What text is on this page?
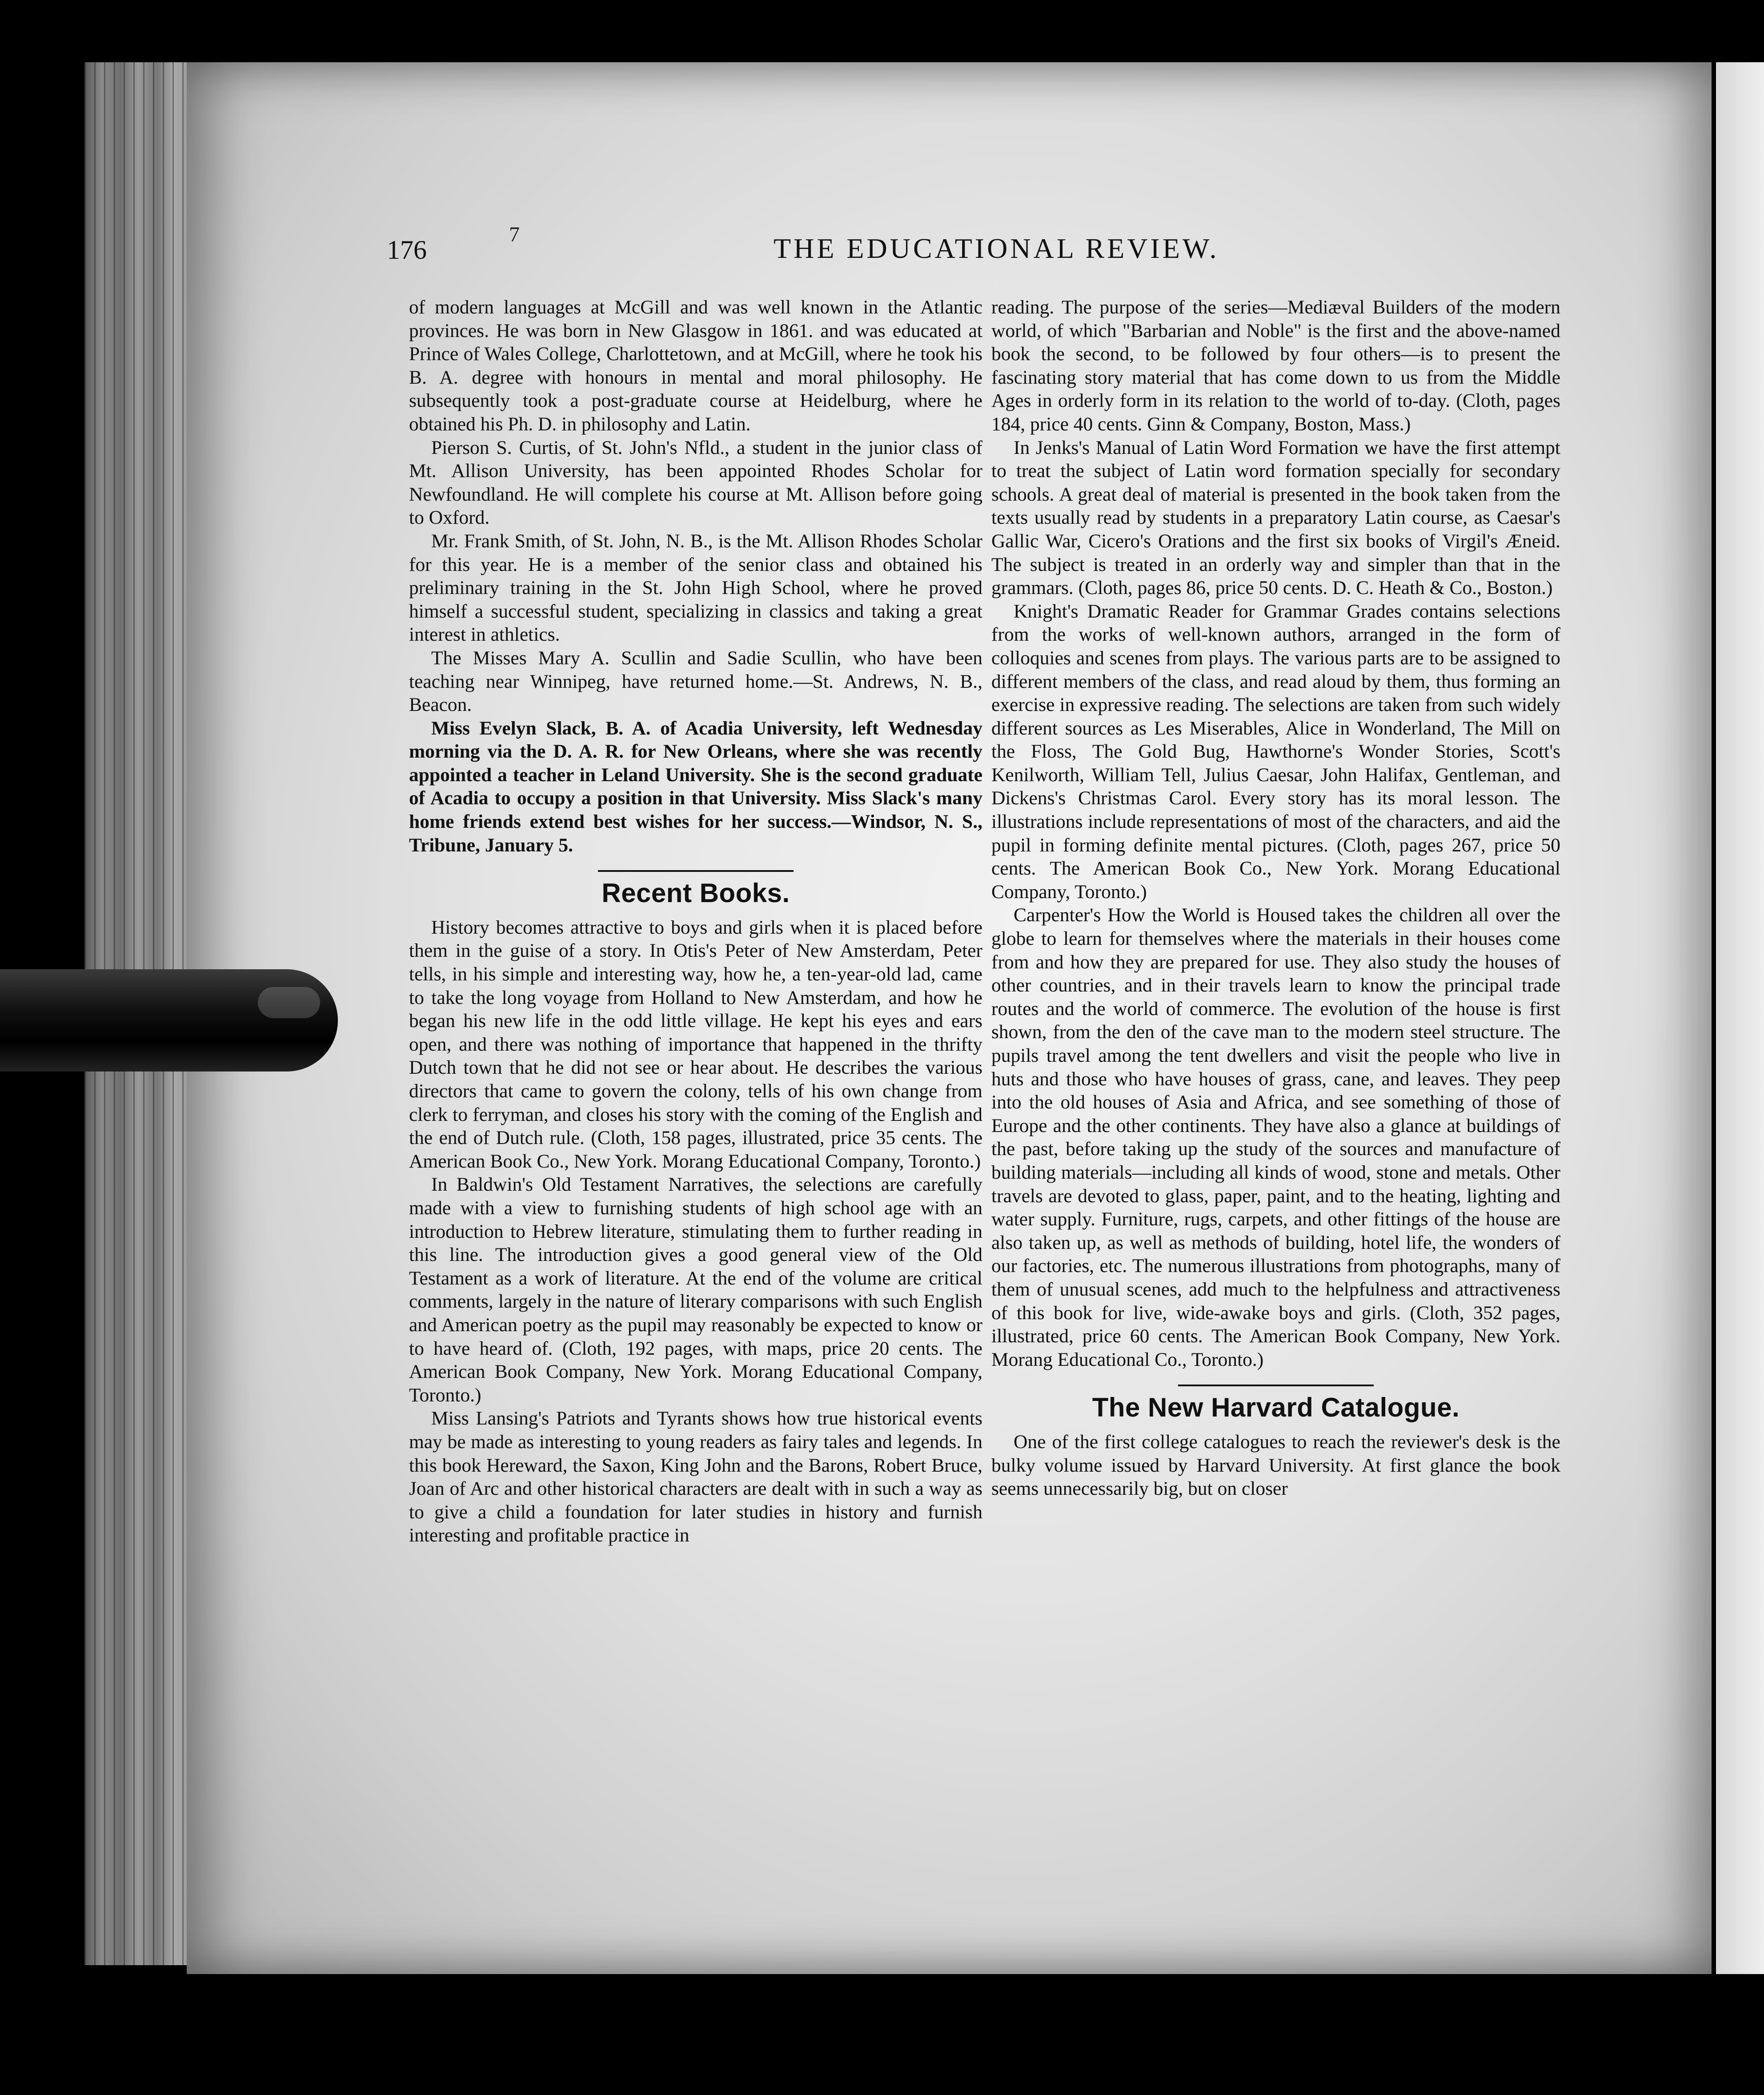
176
7	THE EDUCATIONAL REVIEW.

of modern languages at McGill and was well known in the Atlantic provinces. He was born in New Glasgow in 1861. and was educated at Prince of Wales College, Charlottetown, and at McGill, where he took his B. A. degree with honours in mental and moral philosophy. He subsequently took a post-graduate course at Heidelburg, where he obtained his Ph. D. in philosophy and Latin.

Pierson S. Curtis, of St. John's Nfld., a student in the junior class of Mt. Allison University, has been appointed Rhodes Scholar for Newfoundland. He will complete his course at Mt. Allison before going to Oxford.

Mr. Frank Smith, of St. John, N. B., is the Mt. Allison Rhodes Scholar for this year. He is a member of the senior class and obtained his preliminary training in the St. John High School, where he proved himself a successful student, specializing in classics and taking a great interest in athletics.

The Misses Mary A. Scullin and Sadie Scullin, who have been teaching near Winnipeg, have returned home.—St. Andrews, N. B., Beacon.

Miss Evelyn Slack, B. A. of Acadia University, left Wednesday morning via the D. A. R. for New Orleans, where she was recently appointed a teacher in Leland University. She is the second graduate of Acadia to occupy a position in that University. Miss Slack's many home friends extend best wishes for her success.—Windsor, N. S., Tribune, January 5.

Recent Books.

History becomes attractive to boys and girls when it is placed before them in the guise of a story. In Otis's Peter of New Amsterdam, Peter tells, in his simple and interesting way, how he, a ten-year-old lad, came to take the long voyage from Holland to New Amsterdam, and how he began his new life in the odd little village. He kept his eyes and ears open, and there was nothing of importance that happened in the thrifty Dutch town that he did not see or hear about. He describes the various directors that came to govern the colony, tells of his own change from clerk to ferryman, and closes his story with the coming of the English and the end of Dutch rule. (Cloth, 158 pages, illustrated, price 35 cents. The American Book Co., New York. Morang Educational Company, Toronto.)

In Baldwin's Old Testament Narratives, the selections are carefully made with a view to furnishing students of high school age with an introduction to Hebrew literature, stimulating them to further reading in this line. The introduction gives a good general view of the Old Testament as a work of literature. At the end of the volume are critical comments, largely in the nature of literary comparisons with such English and American poetry as the pupil may reasonably be expected to know or to have heard of. (Cloth, 192 pages, with maps, price 20 cents. The American Book Company, New York. Morang Educational Company, Toronto.)

Miss Lansing's Patriots and Tyrants shows how true historical events may be made as interesting to young readers as fairy tales and legends. In this book Hereward, the Saxon, King John and the Barons, Robert Bruce, Joan of Arc and other historical characters are dealt with in such a way as to give a child a foundation for later studies in history and furnish interesting and profitable practice in

reading. The purpose of the series—Mediæval Builders of the modern world, of which "Barbarian and Noble" is the first and the above-named book the second, to be followed by four others—is to present the fascinating story material that has come down to us from the Middle Ages in orderly form in its relation to the world of to-day. (Cloth, pages 184, price 40 cents. Ginn & Company, Boston, Mass.)

In Jenks's Manual of Latin Word Formation we have the first attempt to treat the subject of Latin word formation specially for secondary schools. A great deal of material is presented in the book taken from the texts usually read by students in a preparatory Latin course, as Caesar's Gallic War, Cicero's Orations and the first six books of Virgil's Æneid. The subject is treated in an orderly way and simpler than that in the grammars. (Cloth, pages 86, price 50 cents. D. C. Heath & Co., Boston.)

Knight's Dramatic Reader for Grammar Grades contains selections from the works of well-known authors, arranged in the form of colloquies and scenes from plays. The various parts are to be assigned to different members of the class, and read aloud by them, thus forming an exercise in expressive reading. The selections are taken from such widely different sources as Les Miserables, Alice in Wonderland, The Mill on the Floss, The Gold Bug, Hawthorne's Wonder Stories, Scott's Kenilworth, William Tell, Julius Caesar, John Halifax, Gentleman, and Dickens's Christmas Carol. Every story has its moral lesson. The illustrations include representations of most of the characters, and aid the pupil in forming definite mental pictures. (Cloth, pages 267, price 50 cents. The American Book Co., New York. Morang Educational Company, Toronto.)

Carpenter's How the World is Housed takes the children all over the globe to learn for themselves where the materials in their houses come from and how they are prepared for use. They also study the houses of other countries, and in their travels learn to know the principal trade routes and the world of commerce. The evolution of the house is first shown, from the den of the cave man to the modern steel structure. The pupils travel among the tent dwellers and visit the people who live in huts and those who have houses of grass, cane, and leaves. They peep into the old houses of Asia and Africa, and see something of those of Europe and the other continents. They have also a glance at buildings of the past, before taking up the study of the sources and manufacture of building materials—including all kinds of wood, stone and metals. Other travels are devoted to glass, paper, paint, and to the heating, lighting and water supply. Furniture, rugs, carpets, and other fittings of the house are also taken up, as well as methods of building, hotel life, the wonders of our factories, etc. The numerous illustrations from photographs, many of them of unusual scenes, add much to the helpfulness and attractiveness of this book for live, wide-awake boys and girls. (Cloth, 352 pages, illustrated, price 60 cents. The American Book Company, New York. Morang Educational Co., Toronto.)

The New Harvard Catalogue.

One of the first college catalogues to reach the reviewer's desk is the bulky volume issued by Harvard University. At first glance the book seems unnecessarily big, but on closer
